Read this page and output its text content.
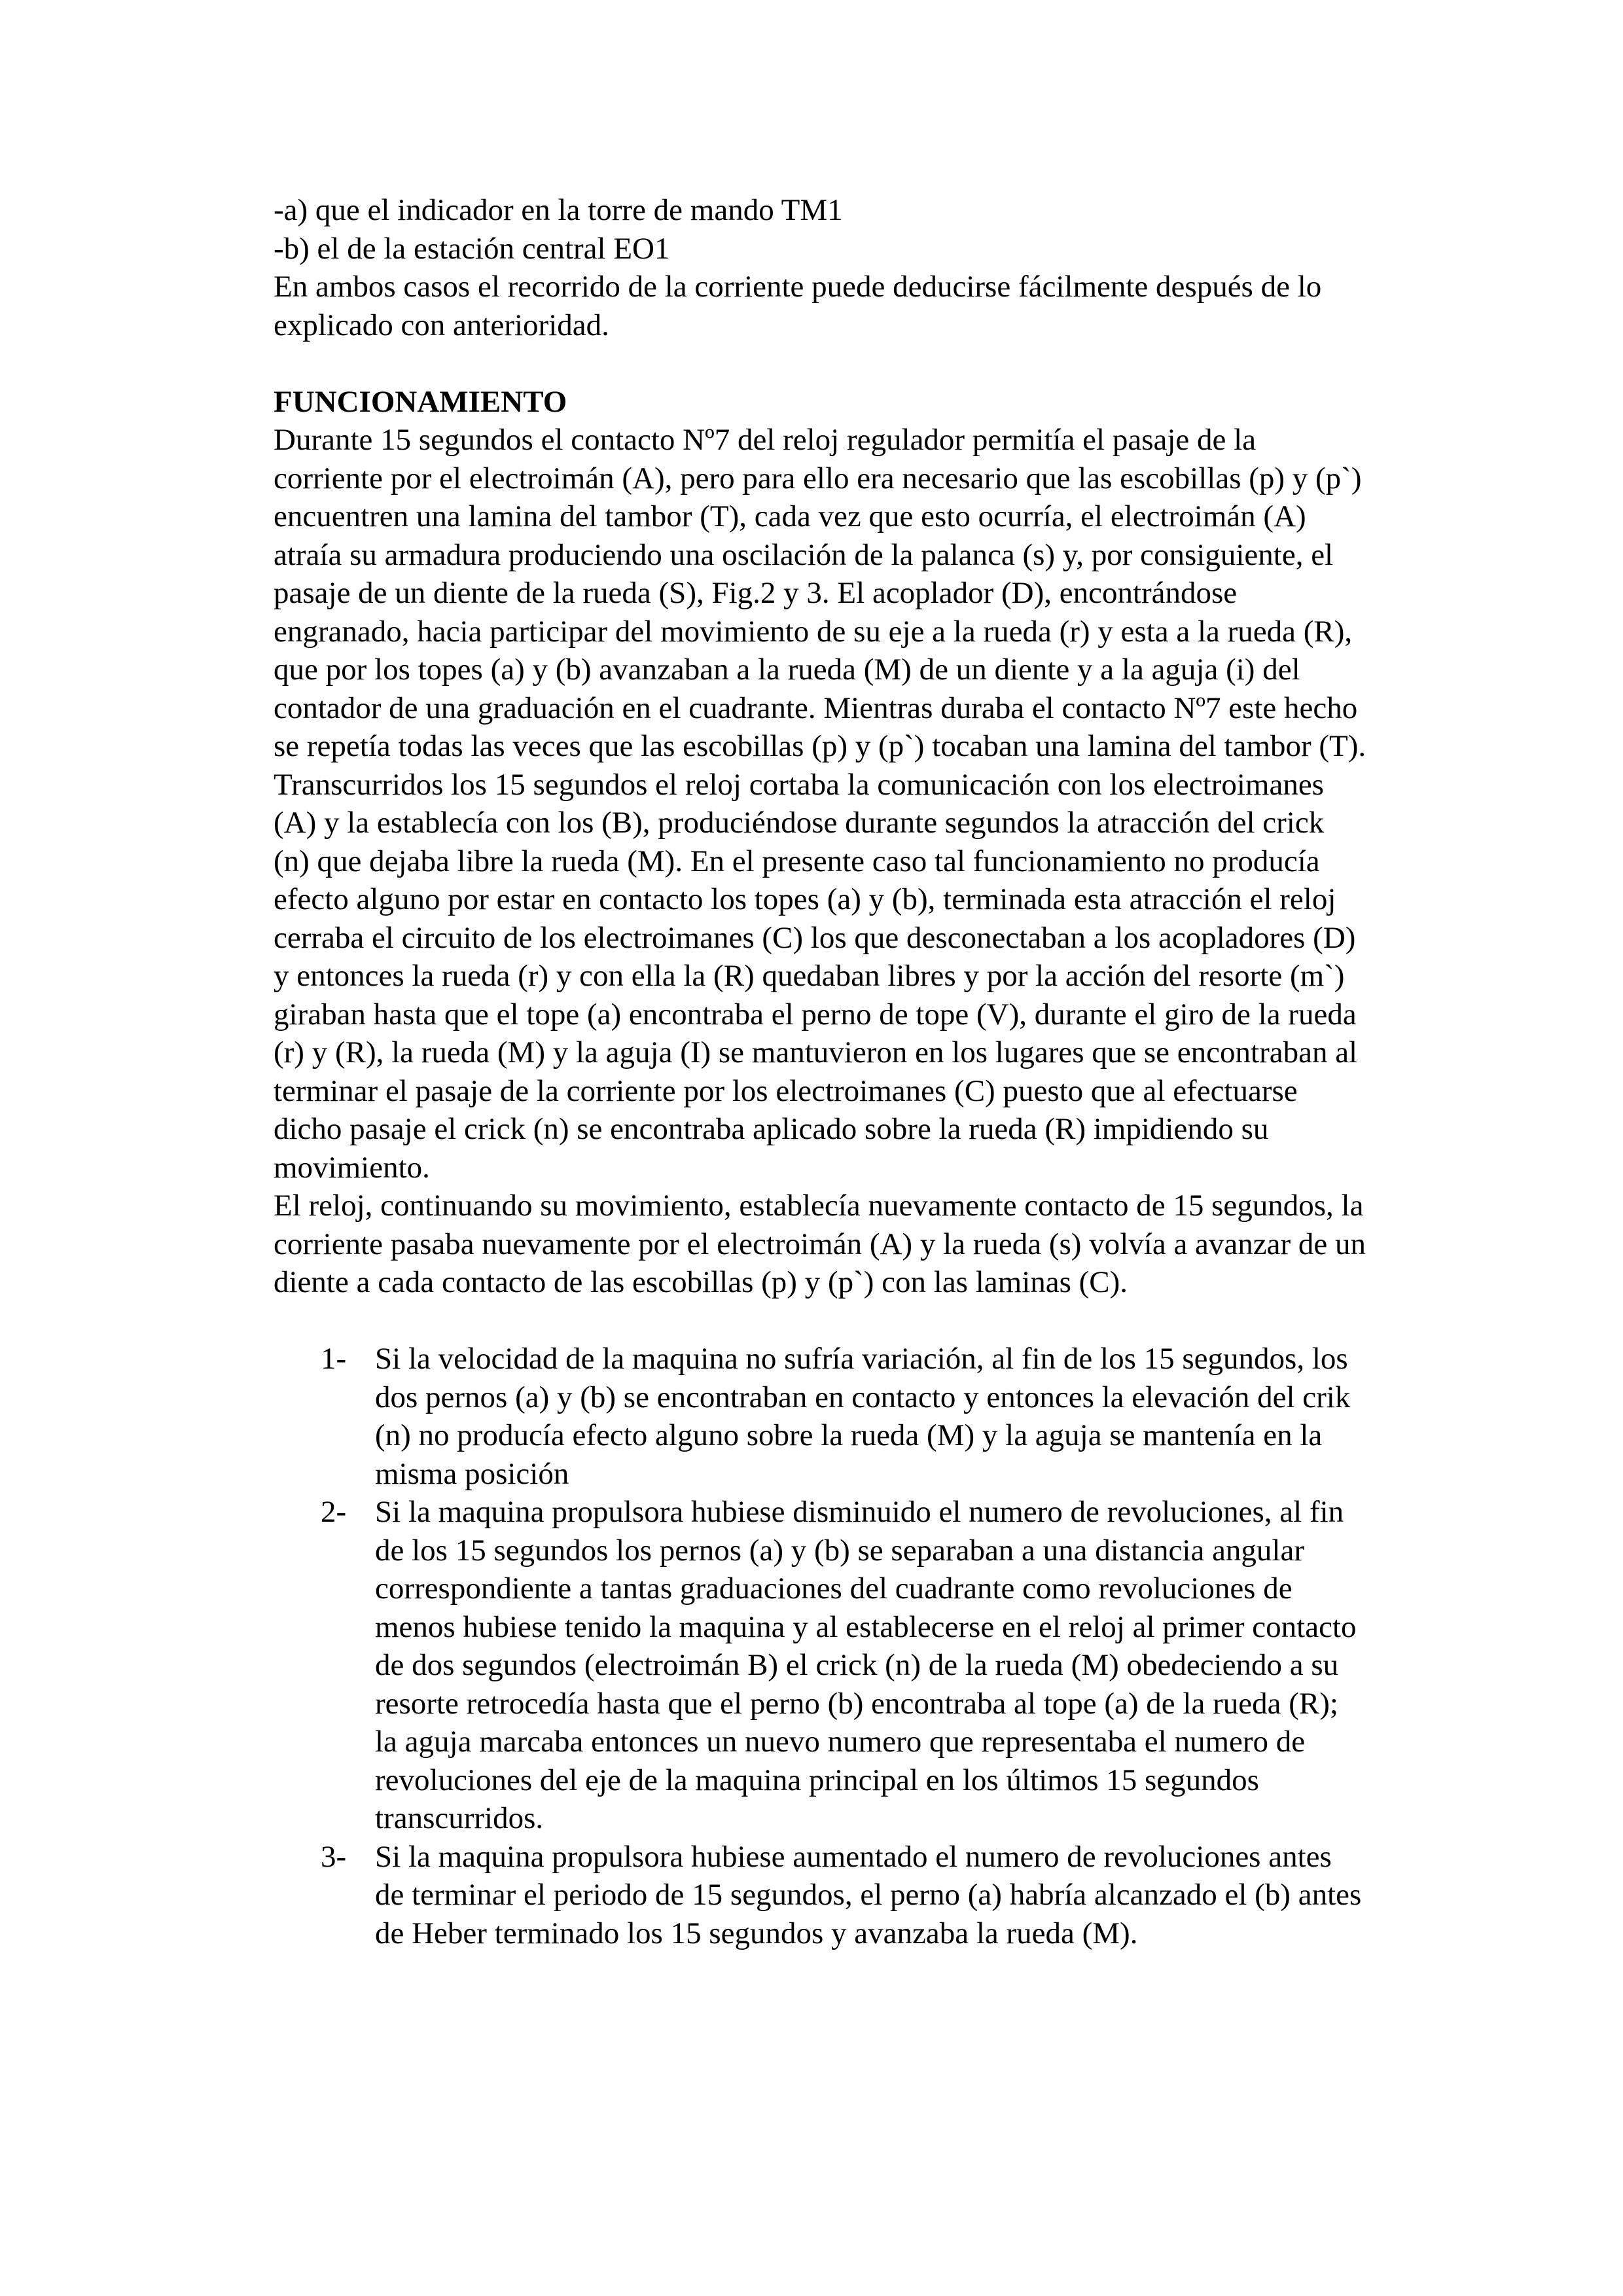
-a) que el indicador en la torre de mando TM1
-b) el de la estación central EO1

En ambos casos el recorrido de la corriente puede deducirse fácilmente después de lo explicado con anterioridad.

FUNCIONAMIENTO

Durante 15 segundos el contacto Nº7 del reloj regulador permitía el pasaje de la corriente por el electroimán (A), pero para ello era necesario que las escobillas (p) y (p`) encuentren una lamina del tambor (T), cada vez que esto ocurría, el electroimán (A) atraía su armadura produciendo una oscilación de la palanca (s) y, por consiguiente, el pasaje de un diente de la rueda (S), Fig.2 y 3. El acoplador (D), encontrándose engranado, hacia participar del movimiento de su eje a la rueda (r) y esta a la rueda (R), que por los topes (a) y (b) avanzaban a la rueda (M) de un diente y a la aguja (i) del contador de una graduación en el cuadrante. Mientras duraba el contacto Nº7 este hecho se repetía todas las veces que las escobillas (p) y (p`) tocaban una lamina del tambor (T).

Transcurridos los 15 segundos el reloj cortaba la comunicación con los electroimanes (A) y la establecía con los (B), produciéndose durante segundos la atracción del crick (n) que dejaba libre la rueda (M). En el presente caso tal funcionamiento no producía efecto alguno por estar en contacto los topes (a) y (b), terminada esta atracción el reloj cerraba el circuito de los electroimanes (C) los que desconectaban a los acopladores (D) y entonces la rueda (r) y con ella la (R) quedaban libres y por la acción del resorte (m`) giraban hasta que el tope (a) encontraba el perno de tope (V), durante el giro de la rueda (r) y (R), la rueda (M) y la aguja (I) se mantuvieron en los lugares que se encontraban al terminar el pasaje de la corriente por los electroimanes (C) puesto que al efectuarse dicho pasaje el crick (n) se encontraba aplicado sobre la rueda (R) impidiendo su movimiento.

El reloj, continuando su movimiento, establecía nuevamente contacto de 15 segundos, la corriente pasaba nuevamente por el electroimán (A) y la rueda (s) volvía a avanzar de un diente a cada contacto de las escobillas (p) y (p`) con las laminas (C).

1- Si la velocidad de la maquina no sufría variación, al fin de los 15 segundos, los dos pernos (a) y (b) se encontraban en contacto y entonces la elevación del crik (n) no producía efecto alguno sobre la rueda (M) y la aguja se mantenía en la misma posición
2- Si la maquina propulsora hubiese disminuido el numero de revoluciones, al fin de los 15 segundos los pernos (a) y (b) se separaban a una distancia angular correspondiente a tantas graduaciones del cuadrante como revoluciones de menos hubiese tenido la maquina y al establecerse en el reloj al primer contacto de dos segundos (electroimán B) el crick (n) de la rueda (M) obedeciendo a su resorte retrocedía hasta que el perno (b) encontraba al tope (a) de la rueda (R); la aguja marcaba entonces un nuevo numero que representaba el numero de revoluciones del eje de la maquina principal en los últimos 15 segundos transcurridos.
3- Si la maquina propulsora hubiese aumentado el numero de revoluciones antes de terminar el periodo de 15 segundos, el perno (a) habría alcanzado el (b) antes de Heber terminado los 15 segundos y avanzaba la rueda (M).
